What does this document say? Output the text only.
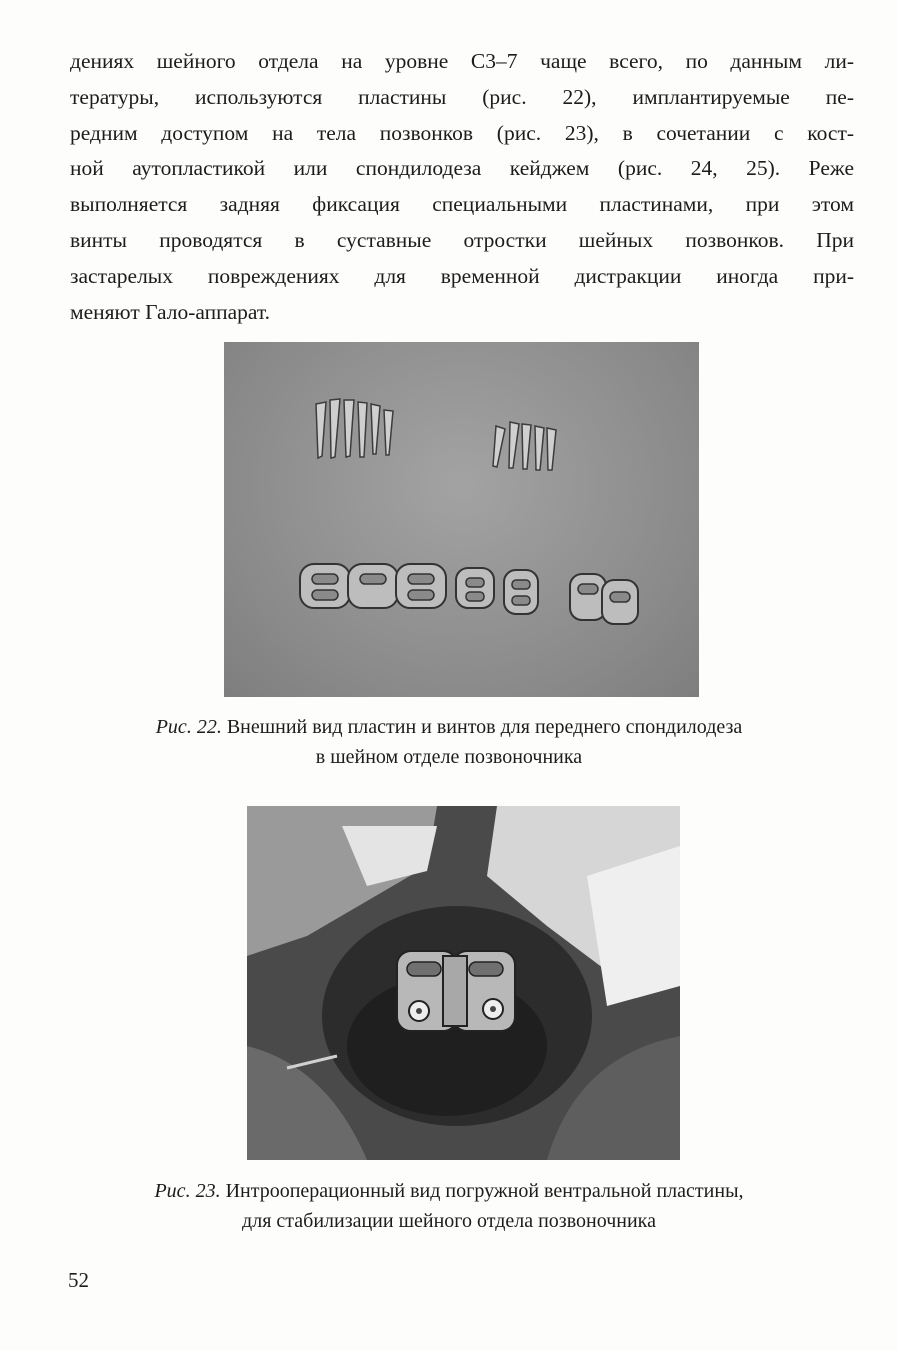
дениях шейного отдела на уровне С3–7 чаще всего, по данным ли-
тературы, используются пластины (рис. 22), имплантируемые пе-
редним доступом на тела позвонков (рис. 23), в сочетании с кост-
ной аутопластикой или спондилодеза кейджем (рис. 24, 25). Реже
выполняется задняя фиксация специальными пластинами, при этом
винты проводятся в суставные отростки шейных позвонков. При
застарелых повреждениях для временной дистракции иногда при-
меняют Гало-аппарат.
Рис. 22. Внешний вид пластин и винтов для переднего спондилодеза
в шейном отделе позвоночника
Рис. 23. Интрооперационный вид погружной вентральной пластины,
для стабилизации шейного отдела позвоночника
52
